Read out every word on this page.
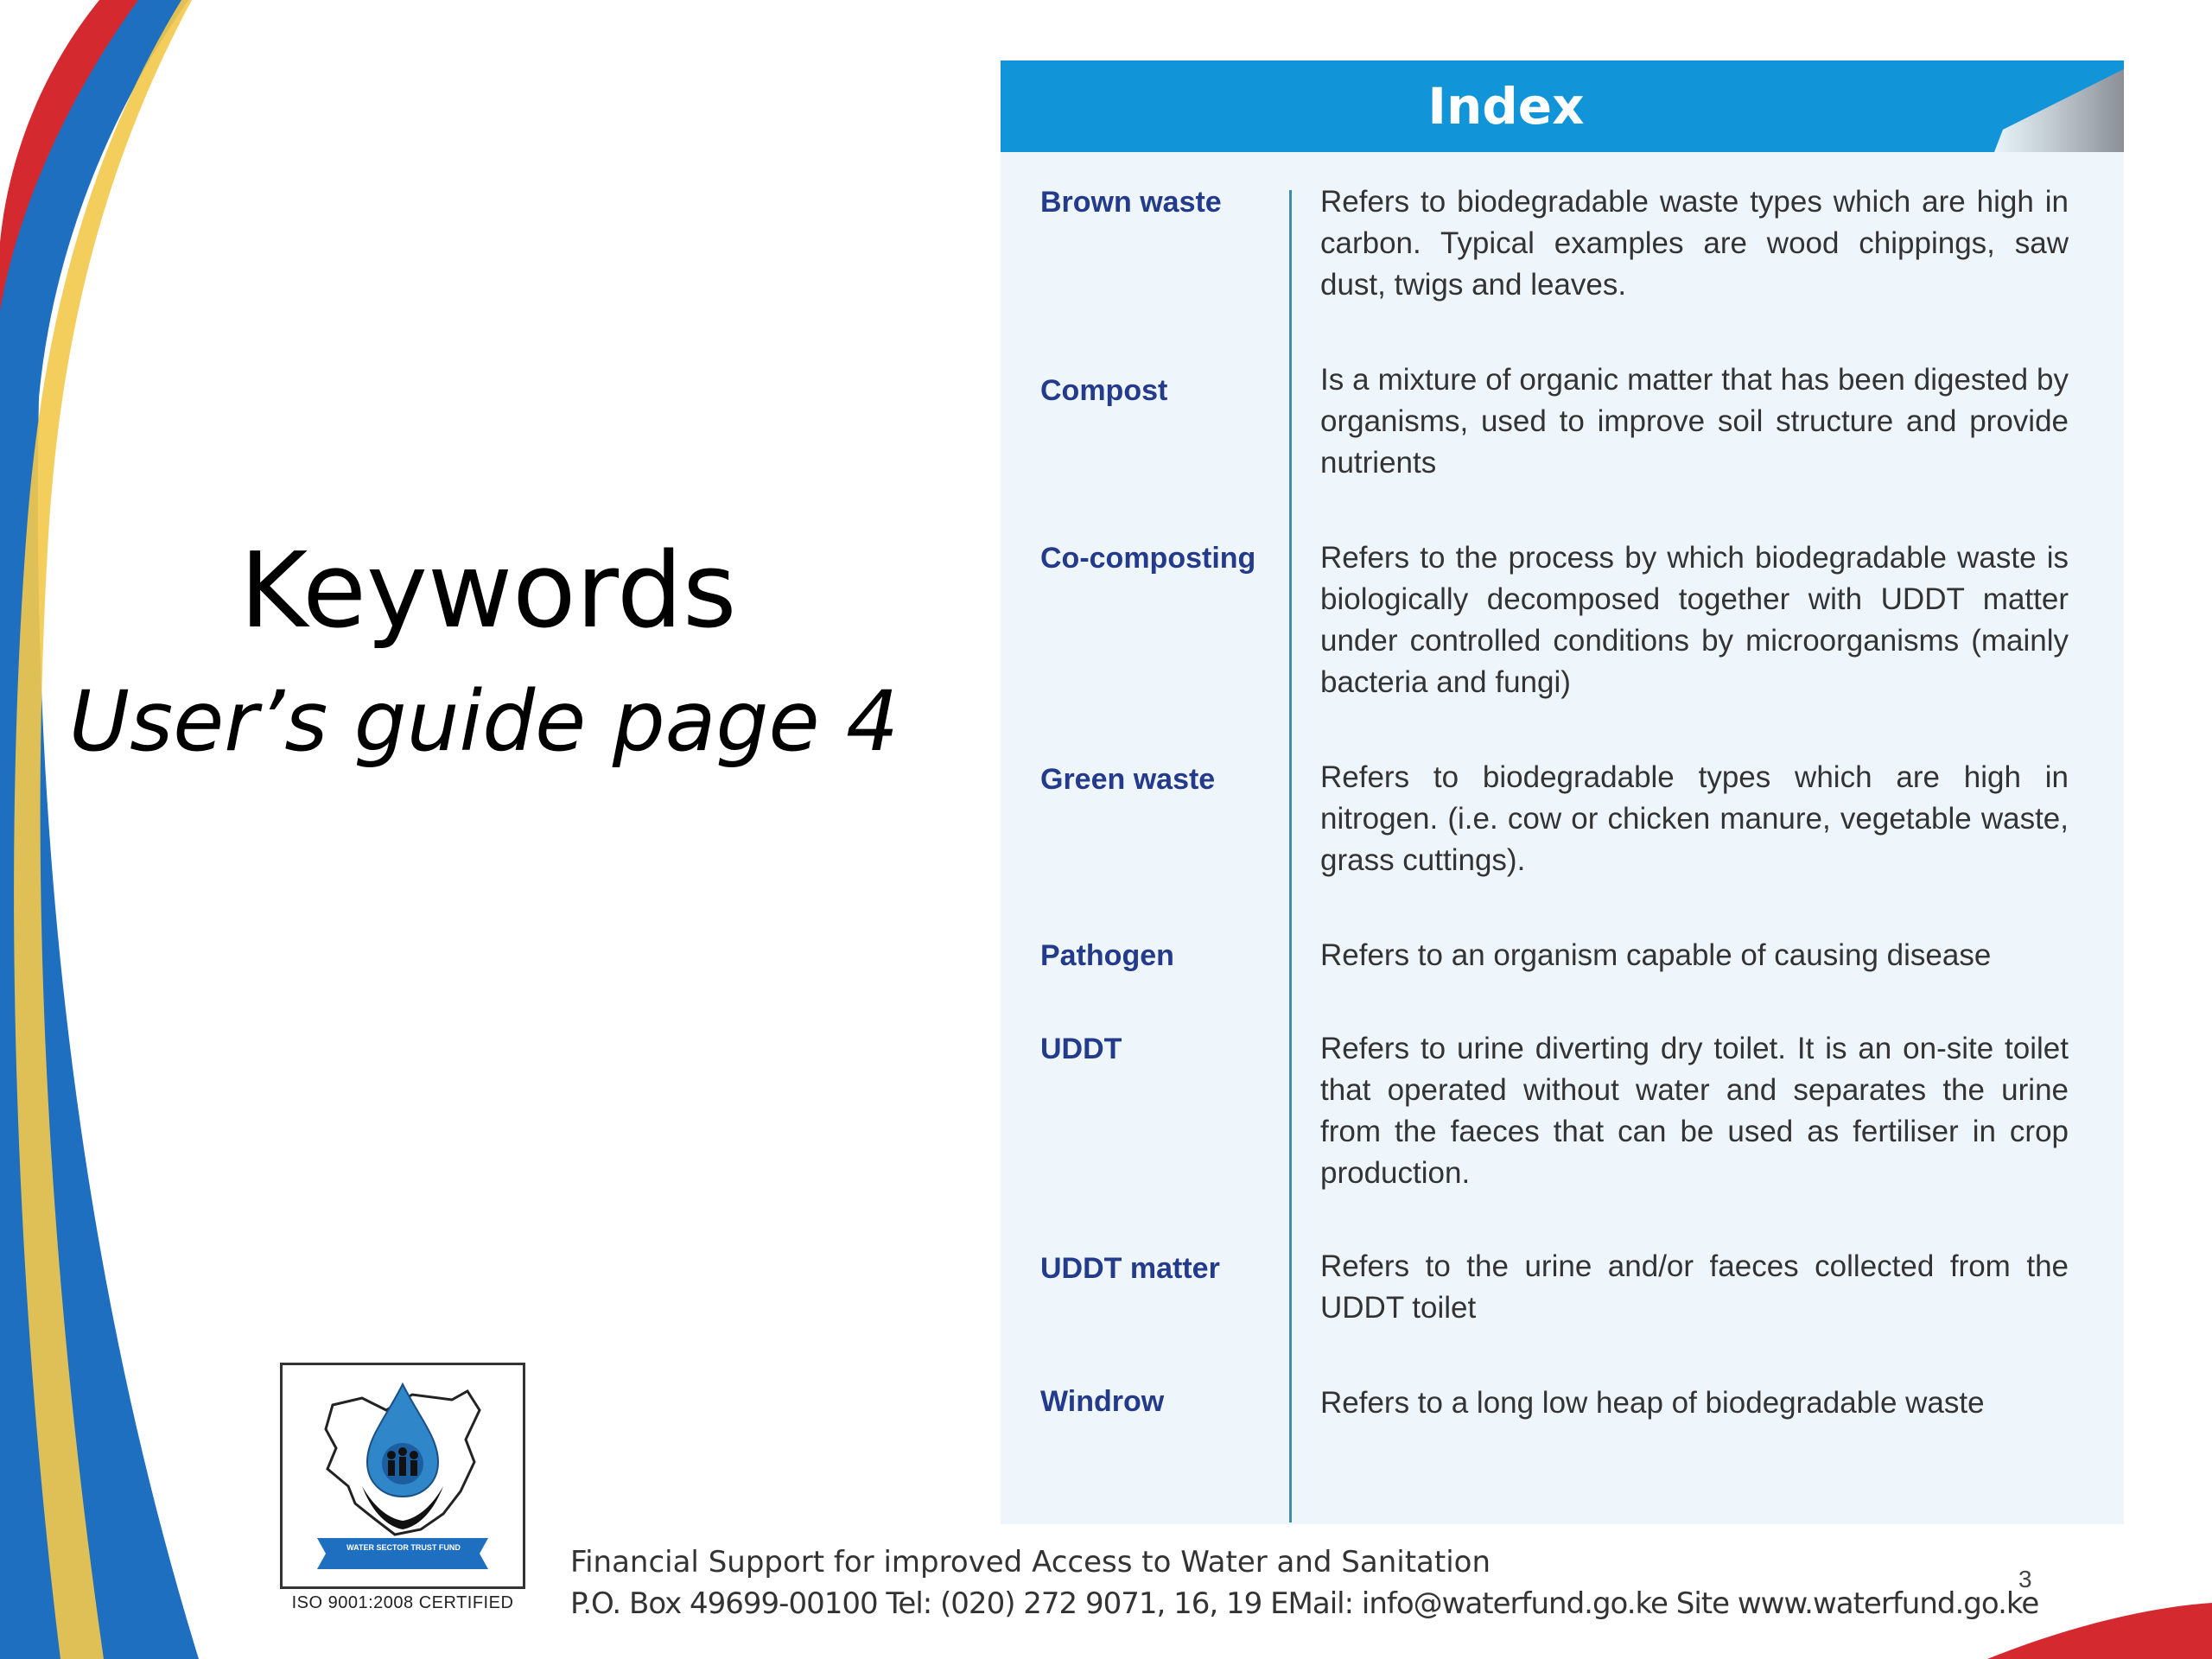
Keywords
User’s guide page 4
Index
Brown waste	Refers to biodegradable waste types which are high in carbon. Typical examples are wood chippings, saw dust, twigs and leaves.
Compost	Is a mixture of organic matter that has been digested by organisms, used to improve soil structure and provide nutrients
Co-composting	Refers to the process by which biodegradable waste is biologically decomposed together with UDDT matter under controlled conditions by microorganisms (mainly bacteria and fungi)
Green waste	Refers to biodegradable types which are high in nitrogen. (i.e. cow or chicken manure, vegetable waste, grass cuttings).
Pathogen	Refers to an organism capable of causing disease
UDDT	Refers to urine diverting dry toilet. It is an on-site toilet that operated without water and separates the urine from the faeces that can be used as fertiliser in crop production.
UDDT matter	Refers to the urine and/or faeces collected from the UDDT toilet
Windrow	Refers to a long low heap of biodegradable waste
WATER SECTOR TRUST FUND
ISO 9001:2008 CERTIFIED
Financial Support for improved Access to Water and Sanitation
P.O. Box 49699-00100 Tel: (020) 272 9071, 16, 19 EMail: info@waterfund.go.ke Site www.waterfund.go.ke
3
